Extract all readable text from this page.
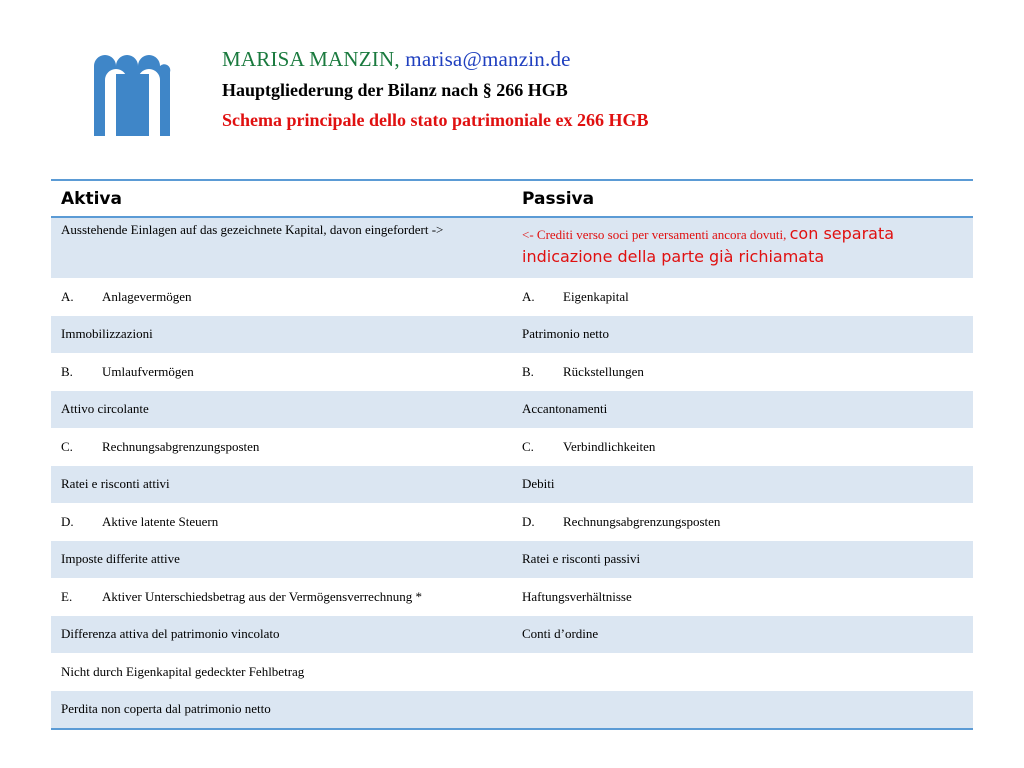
MARISA MANZIN, marisa@manzin.de
Hauptgliederung der Bilanz nach § 266 HGB
Schema principale dello stato patrimoniale ex 266 HGB
Aktiva	Passiva
Ausstehende Einlagen auf das gezeichnete Kapital, davon eingefordert ->	<- Crediti verso soci per versamenti ancora dovuti, con separata indicazione della parte già richiamata
A. Anlagevermögen	A. Eigenkapital
Immobilizzazioni	Patrimonio netto
B. Umlaufvermögen	B. Rückstellungen
Attivo circolante	Accantonamenti
C. Rechnungsabgrenzungsposten	C. Verbindlichkeiten
Ratei e risconti attivi	Debiti
D. Aktive latente Steuern	D. Rechnungsabgrenzungsposten
Imposte differite attive	Ratei e risconti passivi
E. Aktiver Unterschiedsbetrag aus der Vermögensverrechnung *	Haftungsverhältnisse
Differenza attiva del patrimonio vincolato	Conti d’ordine
Nicht durch Eigenkapital gedeckter Fehlbetrag	
Perdita non coperta dal patrimonio netto	
